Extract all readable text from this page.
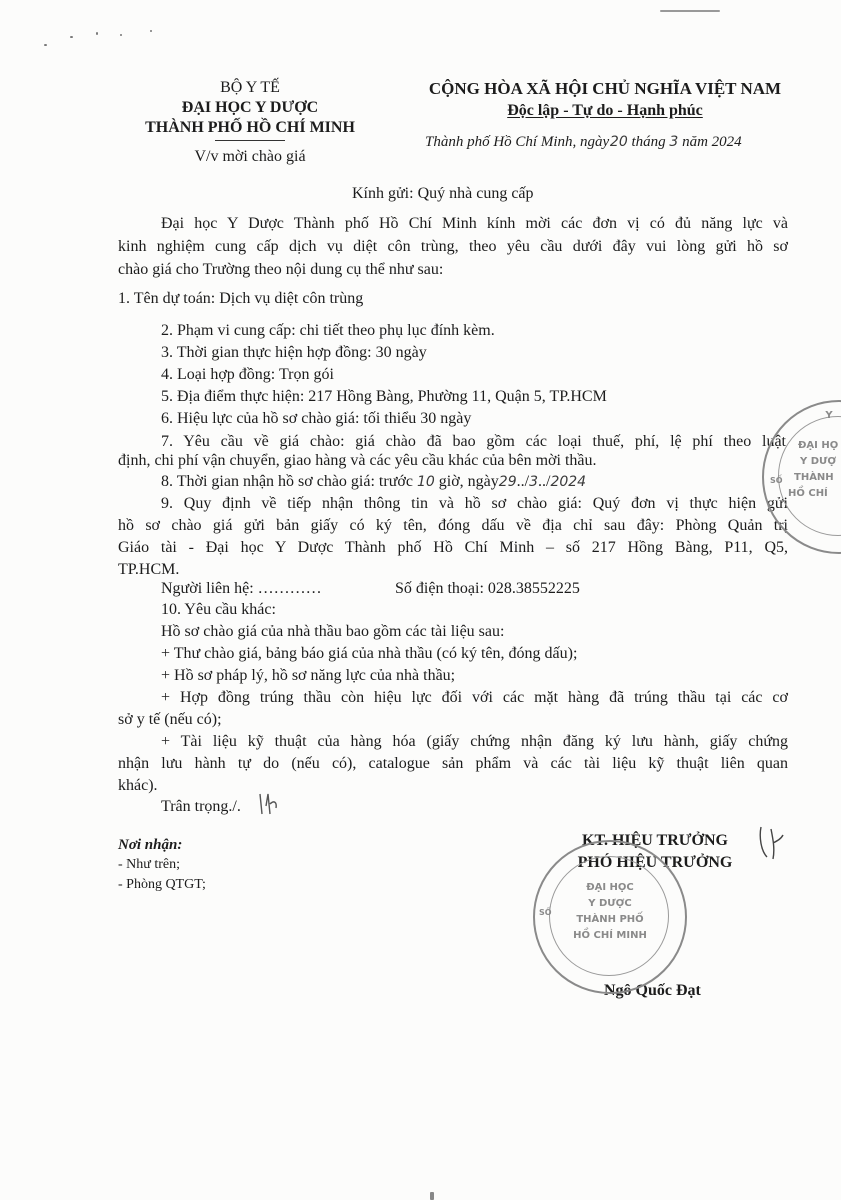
BỘ Y TẾ
ĐẠI HỌC Y DƯỢC
THÀNH PHỐ HỒ CHÍ MINH
V/v mời chào giá
CỘNG HÒA XÃ HỘI CHỦ NGHĨA VIỆT NAM
Độc lập - Tự do - Hạnh phúc
Thành phố Hồ Chí Minh, ngày 20 tháng 3 năm 2024
Kính gửi: Quý nhà cung cấp
Đại học Y Dược Thành phố Hồ Chí Minh kính mời các đơn vị có đủ năng lực và
kinh nghiệm cung cấp dịch vụ diệt côn trùng, theo yêu cầu dưới đây vui lòng gửi hồ sơ
chào giá cho Trường theo nội dung cụ thể như sau:
1. Tên dự toán: Dịch vụ diệt côn trùng
2. Phạm vi cung cấp: chi tiết theo phụ lục đính kèm.
3. Thời gian thực hiện hợp đồng: 30 ngày
4. Loại hợp đồng: Trọn gói
5. Địa điểm thực hiện: 217 Hồng Bàng, Phường 11, Quận 5, TP.HCM
6. Hiệu lực của hồ sơ chào giá: tối thiểu 30 ngày
7. Yêu cầu về giá chào: giá chào đã bao gồm các loại thuế, phí, lệ phí theo luật
định, chi phí vận chuyển, giao hàng và các yêu cầu khác của bên mời thầu.
8. Thời gian nhận hồ sơ chào giá: trước 10 giờ, ngày29../3../2024
9. Quy định về tiếp nhận thông tin và hồ sơ chào giá: Quý đơn vị thực hiện gửi
hồ sơ chào giá gửi bản giấy có ký tên, đóng dấu về địa chỉ sau đây: Phòng Quản trị
Giáo tài - Đại học Y Dược Thành phố Hồ Chí Minh – số 217 Hồng Bàng, P11, Q5,
TP.HCM.
Người liên hệ: …………	Số điện thoại: 028.38552225
10. Yêu cầu khác:
Hồ sơ chào giá của nhà thầu bao gồm các tài liệu sau:
+ Thư chào giá, bảng báo giá của nhà thầu (có ký tên, đóng dấu);
+ Hồ sơ pháp lý, hồ sơ năng lực của nhà thầu;
+ Hợp đồng trúng thầu còn hiệu lực đối với các mặt hàng đã trúng thầu tại các cơ
sở y tế (nếu có);
+ Tài liệu kỹ thuật của hàng hóa (giấy chứng nhận đăng ký lưu hành, giấy chứng
nhận lưu hành tự do (nếu có), catalogue sản phẩm và các tài liệu kỹ thuật liên quan
khác).
Trân trọng./.
Nơi nhận:
- Như trên;
- Phòng QTGT;
KT. HIỆU TRƯỞNG
PHÓ HIỆU TRƯỞNG
Ngô Quốc Đạt
ĐẠI HỌC
Y DƯỢC
THÀNH PHỐ
HỒ CHÍ MINH
SỐ
Y
ĐẠI HỌ
Y DƯỢ
THÀNH
HỒ CHÍ
SỐ
